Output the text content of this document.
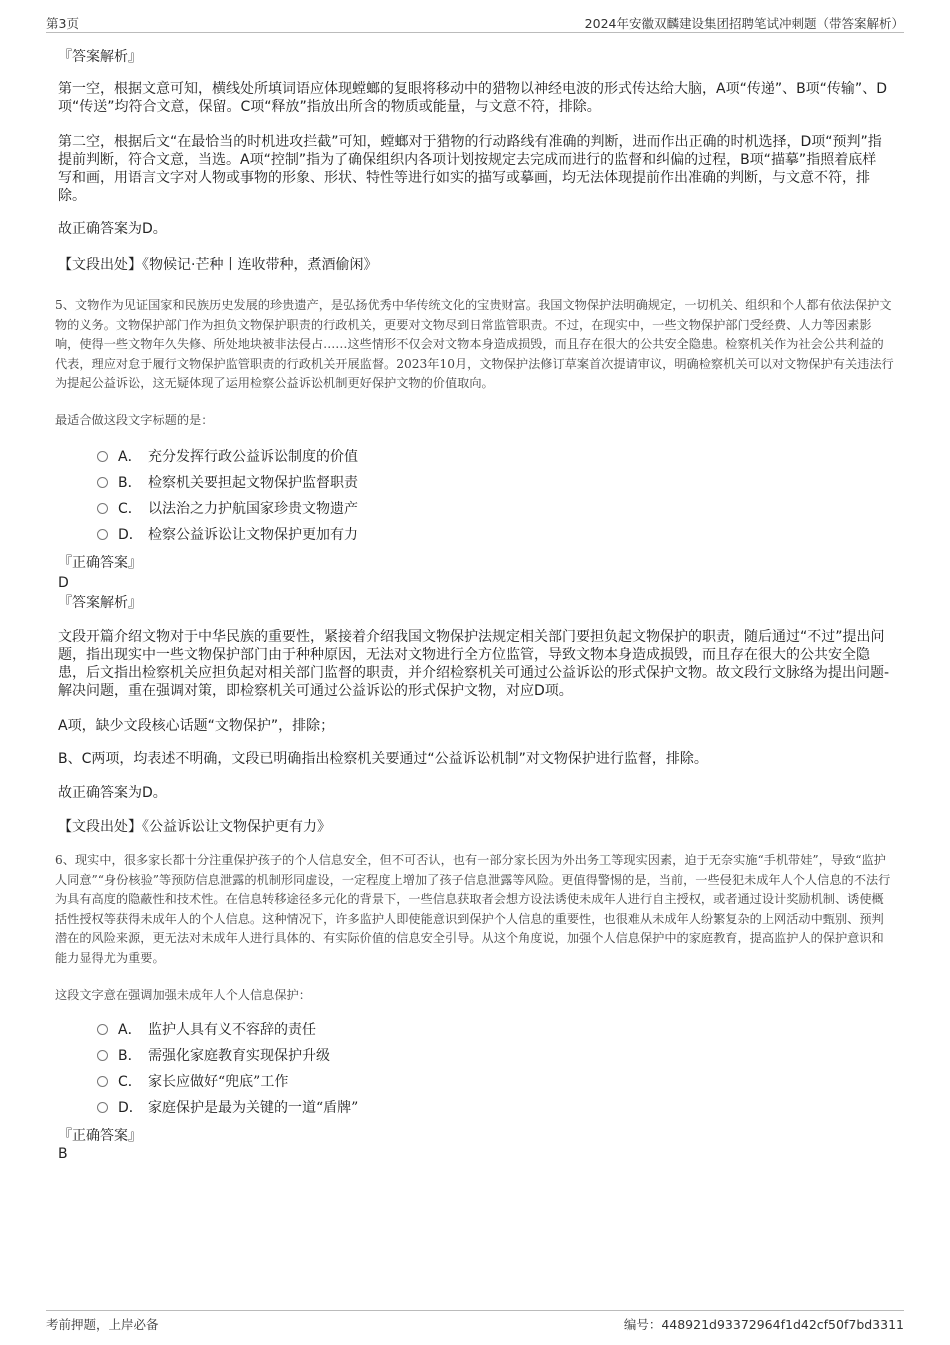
第3页	2024年安徽双麟建设集团招聘笔试冲刺题（带答案解析）
『答案解析』
第一空，根据文意可知，横线处所填词语应体现螳螂的复眼将移动中的猎物以神经电波的形式传达给大脑，A项“传递”、B项“传输”、D项“传送”均符合文意，保留。C项“释放”指放出所含的物质或能量，与文意不符，排除。
第二空，根据后文“在最恰当的时机进攻拦截”可知，螳螂对于猎物的行动路线有准确的判断，进而作出正确的时机选择，D项“预判”指提前判断，符合文意，当选。A项“控制”指为了确保组织内各项计划按规定去完成而进行的监督和纠偏的过程，B项“描摹”指照着底样写和画，用语言文字对人物或事物的形象、形状、特性等进行如实的描写或摹画，均无法体现提前作出准确的判断，与文意不符，排除。
故正确答案为D。
【文段出处】《物候记·芒种丨连收带种，煮酒偷闲》
5、文物作为见证国家和民族历史发展的珍贵遗产，是弘扬优秀中华传统文化的宝贵财富。我国文物保护法明确规定，一切机关、组织和个人都有依法保护文物的义务。文物保护部门作为担负文物保护职责的行政机关，更要对文物尽到日常监管职责。不过，在现实中，一些文物保护部门受经费、人力等因素影响，使得一些文物年久失修、所处地块被非法侵占……这些情形不仅会对文物本身造成损毁，而且存在很大的公共安全隐患。检察机关作为社会公共利益的代表，理应对怠于履行文物保护监管职责的行政机关开展监督。2023年10月，文物保护法修订草案首次提请审议，明确检察机关可以对文物保护有关违法行为提起公益诉讼，这无疑体现了运用检察公益诉讼机制更好保护文物的价值取向。
最适合做这段文字标题的是：
A． 充分发挥行政公益诉讼制度的价值
B． 检察机关要担起文物保护监督职责
C． 以法治之力护航国家珍贵文物遗产
D． 检察公益诉讼让文物保护更加有力
『正确答案』
D
『答案解析』
文段开篇介绍文物对于中华民族的重要性，紧接着介绍我国文物保护法规定相关部门要担负起文物保护的职责，随后通过“不过”提出问题，指出现实中一些文物保护部门由于种种原因，无法对文物进行全方位监管，导致文物本身造成损毁，而且存在很大的公共安全隐患，后文指出检察机关应担负起对相关部门监督的职责，并介绍检察机关可通过公益诉讼的形式保护文物。故文段行文脉络为提出问题-解决问题，重在强调对策，即检察机关可通过公益诉讼的形式保护文物，对应D项。
A项，缺少文段核心话题“文物保护”，排除；
B、C两项，均表述不明确，文段已明确指出检察机关要通过“公益诉讼机制”对文物保护进行监督，排除。
故正确答案为D。
【文段出处】《公益诉讼让文物保护更有力》
6、现实中，很多家长都十分注重保护孩子的个人信息安全，但不可否认，也有一部分家长因为外出务工等现实因素，迫于无奈实施“手机带娃”，导致“监护人同意”“身份核验”等预防信息泄露的机制形同虚设，一定程度上增加了孩子信息泄露等风险。更值得警惕的是，当前，一些侵犯未成年人个人信息的不法行为具有高度的隐蔽性和技术性。在信息转移途径多元化的背景下，一些信息获取者会想方设法诱使未成年人进行自主授权，或者通过设计奖励机制、诱使概括性授权等获得未成年人的个人信息。这种情况下，许多监护人即使能意识到保护个人信息的重要性，也很难从未成年人纷繁复杂的上网活动中甄别、预判潜在的风险来源，更无法对未成年人进行具体的、有实际价值的信息安全引导。从这个角度说，加强个人信息保护中的家庭教育，提高监护人的保护意识和能力显得尤为重要。
这段文字意在强调加强未成年人个人信息保护：
A． 监护人具有义不容辞的责任
B． 需强化家庭教育实现保护升级
C． 家长应做好“兜底”工作
D． 家庭保护是最为关键的一道“盾牌”
『正确答案』
B
考前押题，上岸必备	编号：448921d93372964f1d42cf50f7bd3311
